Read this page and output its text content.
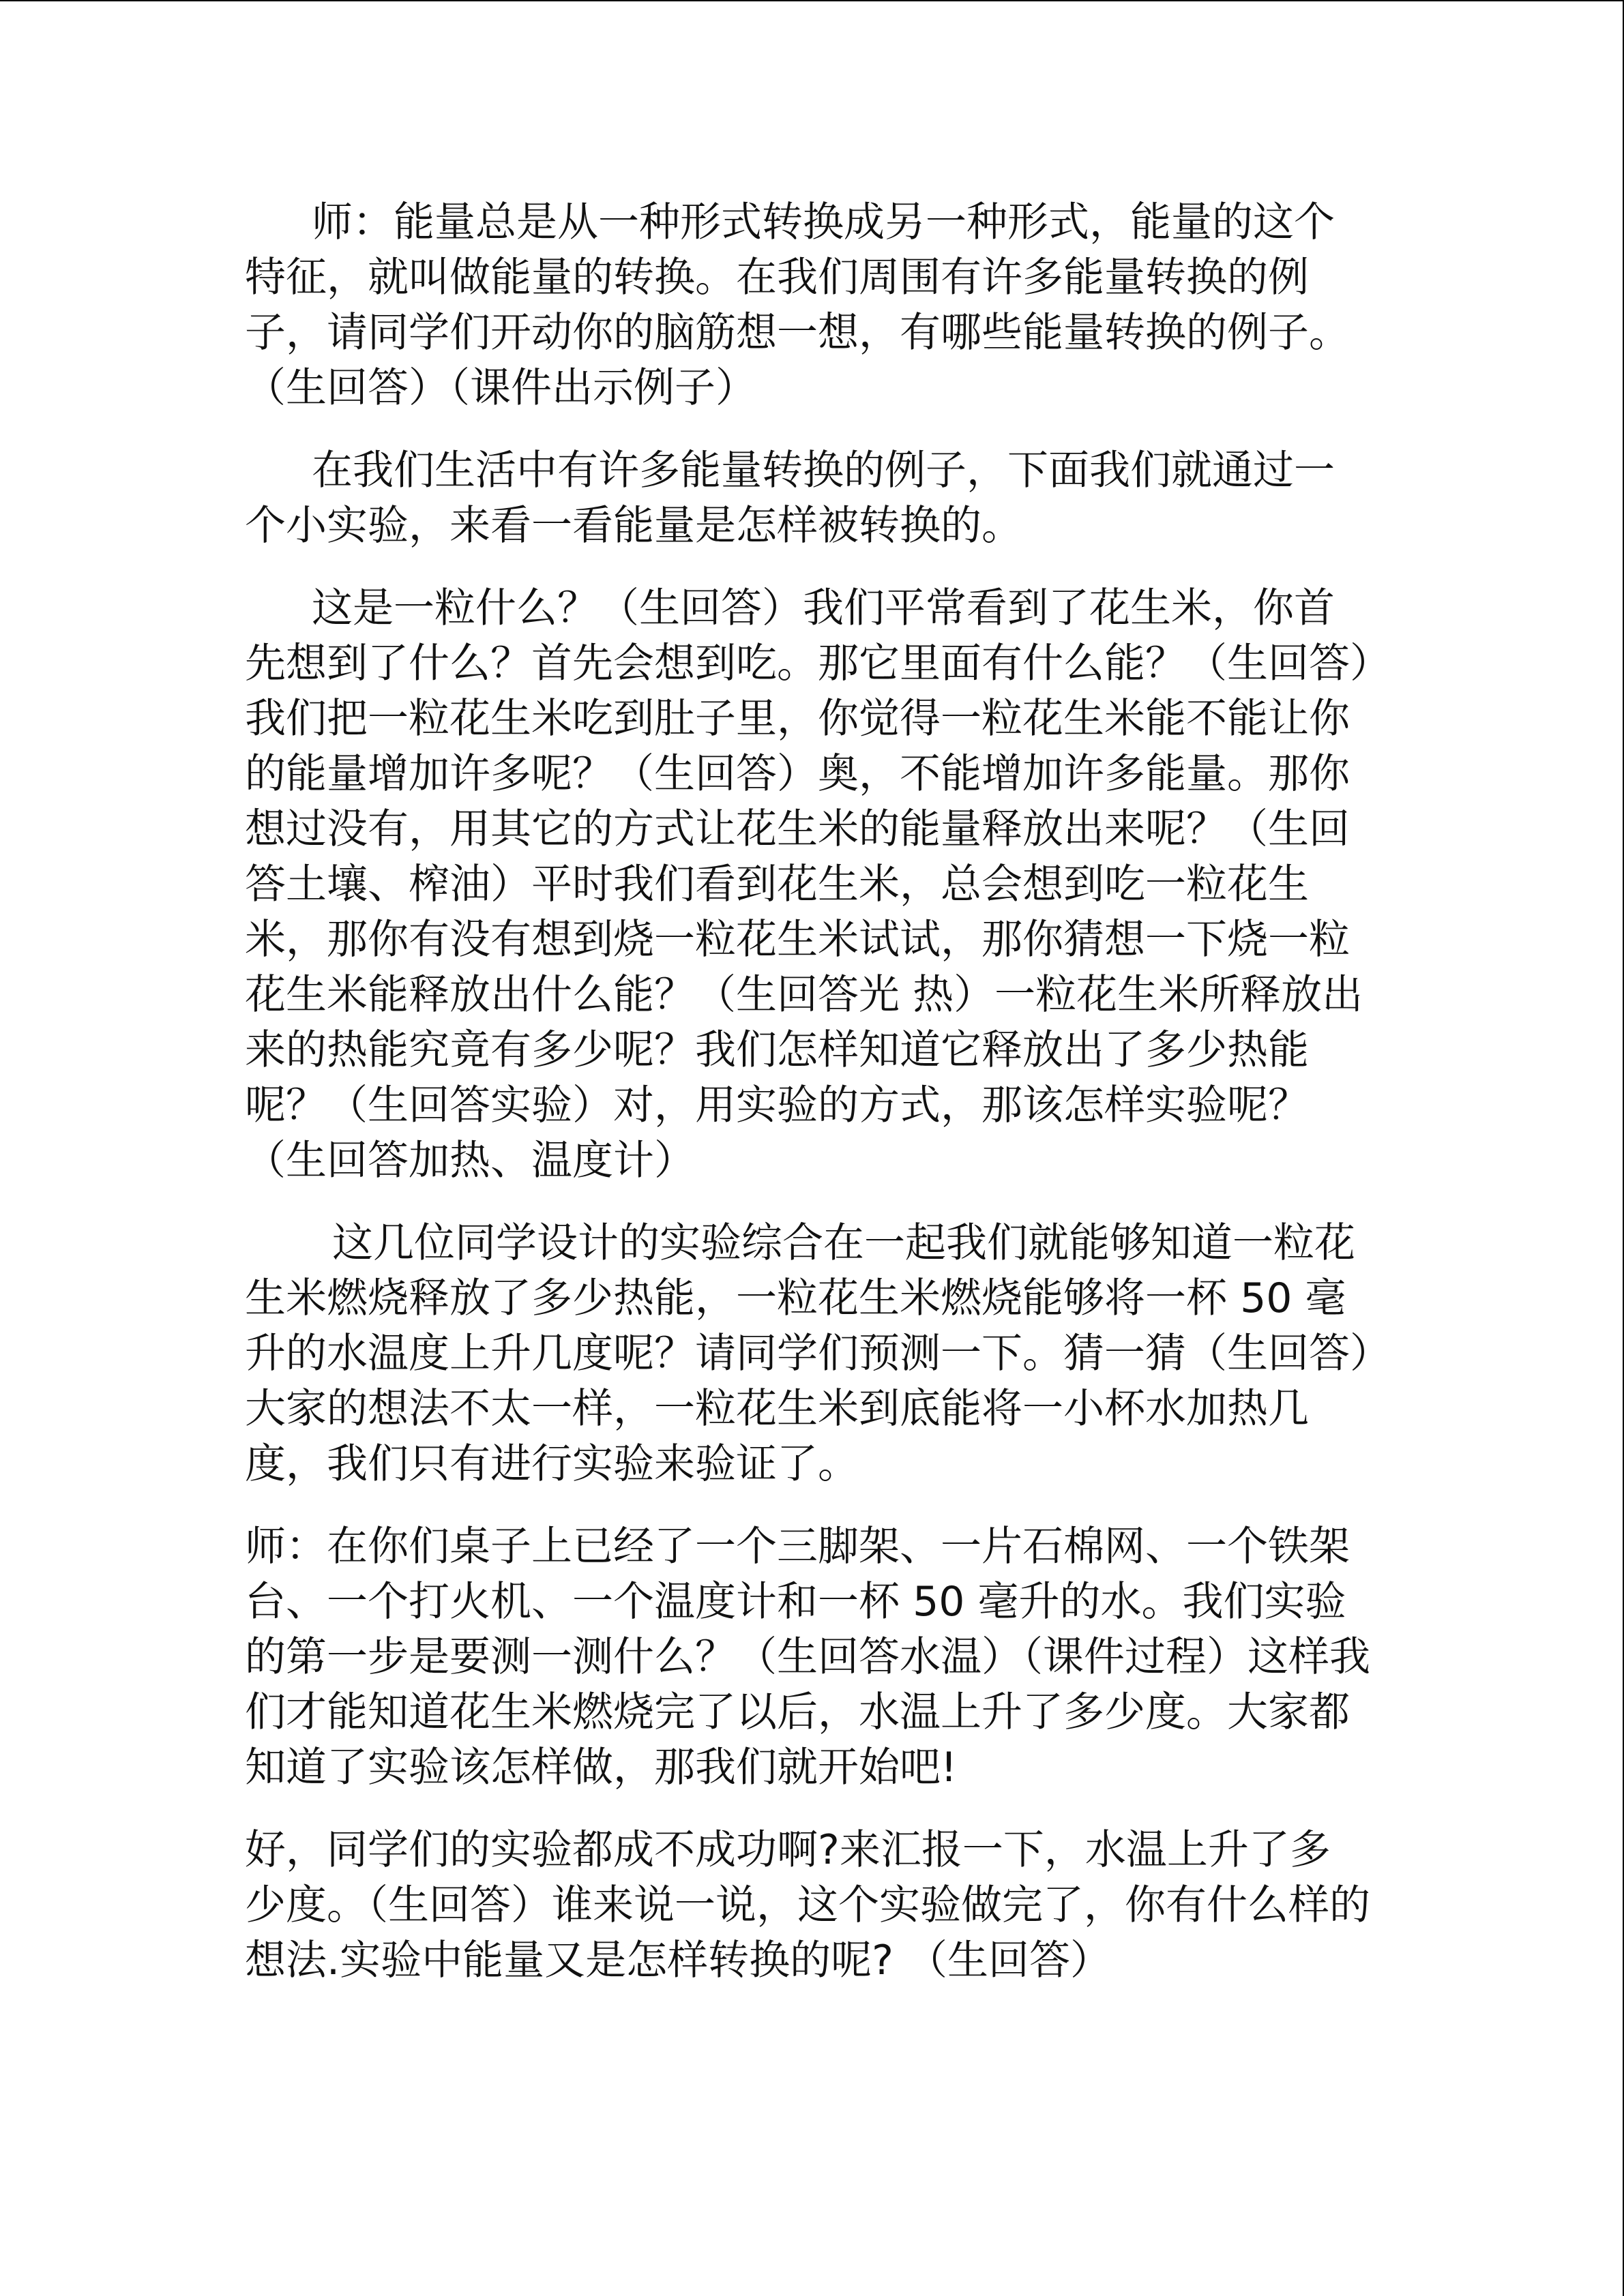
师：能量总是从一种形式转换成另一种形式，能量的这个特征，就叫做能量的转换。在我们周围有许多能量转换的例子，请同学们开动你的脑筋想一想，有哪些能量转换的例子。（生回答）（课件出示例子）

在我们生活中有许多能量转换的例子，下面我们就通过一个小实验，来看一看能量是怎样被转换的。

这是一粒什么？（生回答）我们平常看到了花生米，你首先想到了什么？首先会想到吃。那它里面有什么能？（生回答）我们把一粒花生米吃到肚子里，你觉得一粒花生米能不能让你的能量增加许多呢？（生回答）奥，不能增加许多能量。那你想过没有，用其它的方式让花生米的能量释放出来呢？（生回答土壤、榨油）平时我们看到花生米，总会想到吃一粒花生米，那你有没有想到烧一粒花生米试试，那你猜想一下烧一粒花生米能释放出什么能？（生回答光 热）一粒花生米所释放出来的热能究竟有多少呢？我们怎样知道它释放出了多少热能呢？（生回答实验）对，用实验的方式，那该怎样实验呢？（生回答加热、温度计）

这几位同学设计的实验综合在一起我们就能够知道一粒花生米燃烧释放了多少热能，一粒花生米燃烧能够将一杯 50 毫升的水温度上升几度呢？请同学们预测一下。猜一猜（生回答）大家的想法不太一样，一粒花生米到底能将一小杯水加热几度，我们只有进行实验来验证了。

师：在你们桌子上已经了一个三脚架、一片石棉网、一个铁架台、一个打火机、一个温度计和一杯 50 毫升的水。我们实验的第一步是要测一测什么？（生回答水温）（课件过程）这样我们才能知道花生米燃烧完了以后，水温上升了多少度。大家都知道了实验该怎样做，那我们就开始吧!

好，同学们的实验都成不成功啊?来汇报一下，水温上升了多少度。（生回答）谁来说一说，这个实验做完了，你有什么样的想法.实验中能量又是怎样转换的呢? （生回答）
